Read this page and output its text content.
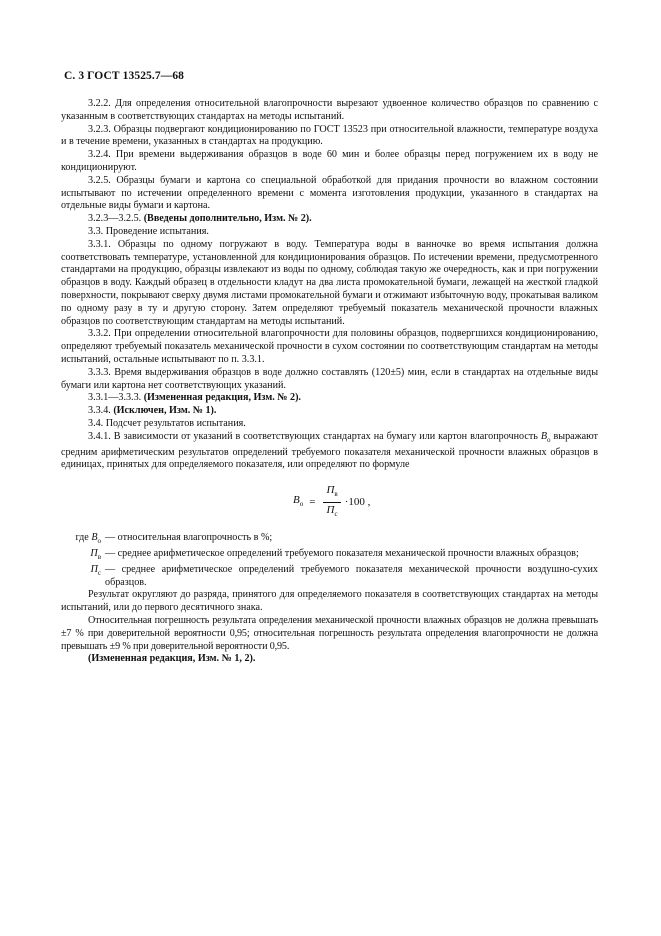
С. 3 ГОСТ 13525.7—68

3.2.2. Для определения относительной влагопрочности вырезают удвоенное количество образцов по сравнению с указанным в соответствующих стандартах на методы испытаний.

3.2.3. Образцы подвергают кондиционированию по ГОСТ 13523 при относительной влажности, температуре воздуха и в течение времени, указанных в стандартах на продукцию.

3.2.4. При времени выдерживания образцов в воде 60 мин и более образцы перед погружением их в воду не кондиционируют.

3.2.5. Образцы бумаги и картона со специальной обработкой для придания прочности во влажном состоянии испытывают по истечении определенного времени с момента изготовления продукции, указанного в стандартах на отдельные виды бумаги и картона.

3.2.3—3.2.5. (Введены дополнительно, Изм. № 2).

3.3. Проведение испытания.

3.3.1. Образцы по одному погружают в воду. Температура воды в ванночке во время испытания должна соответствовать температуре, установленной для кондиционирования образцов. По истечении времени, предусмотренного стандартами на продукцию, образцы извлекают из воды по одному, соблюдая такую же очередность, как и при погружении образцов в воду. Каждый образец в отдельности кладут на два листа промокательной бумаги, лежащей на жесткой гладкой поверхности, покрывают сверху двумя листами промокательной бумаги и отжимают избыточную воду, прокатывая валиком по одному разу в ту и другую сторону. Затем определяют требуемый показатель механической прочности влажных образцов по соответствующим стандартам на методы испытаний.

3.3.2. При определении относительной влагопрочности для половины образцов, подвергшихся кондиционированию, определяют требуемый показатель механической прочности в сухом состоянии по соответствующим стандартам на методы испытаний, остальные испытывают по п. 3.3.1.

3.3.3. Время выдерживания образцов в воде должно составлять (120±5) мин, если в стандартах на отдельные виды бумаги или картона нет соответствующих указаний.

3.3.1—3.3.3. (Измененная редакция, Изм. № 2).

3.3.4. (Исключен, Изм. № 1).

3.4. Подсчет результатов испытания.

3.4.1. В зависимости от указаний в соответствующих стандартах на бумагу или картон влагопрочность $В_о$ выражают средним арифметическим результатов определений требуемого показателя механической прочности влажных образцов в единицах, принятых для определяемого показателя, или определяют по формуле

$В_о = \frac{П_в}{П_с} \cdot 100$ ,
где $В_о$ — относительная влагопрочность в %;
$П_в$ — среднее арифметическое определений требуемого показателя механической прочности влажных образцов;
$П_с$ — среднее арифметическое определений требуемого показателя механической прочности воздушно-сухих образцов.

Результат округляют до разряда, принятого для определяемого показателя в соответствующих стандартах на методы испытаний, или до первого десятичного знака.

Относительная погрешность результата определения механической прочности влажных образцов не должна превышать ±7 % при доверительной вероятности 0,95; относительная погрешность результата определения влагопрочности не должна превышать ±9 % при доверительной вероятности 0,95.

(Измененная редакция, Изм. № 1, 2).
